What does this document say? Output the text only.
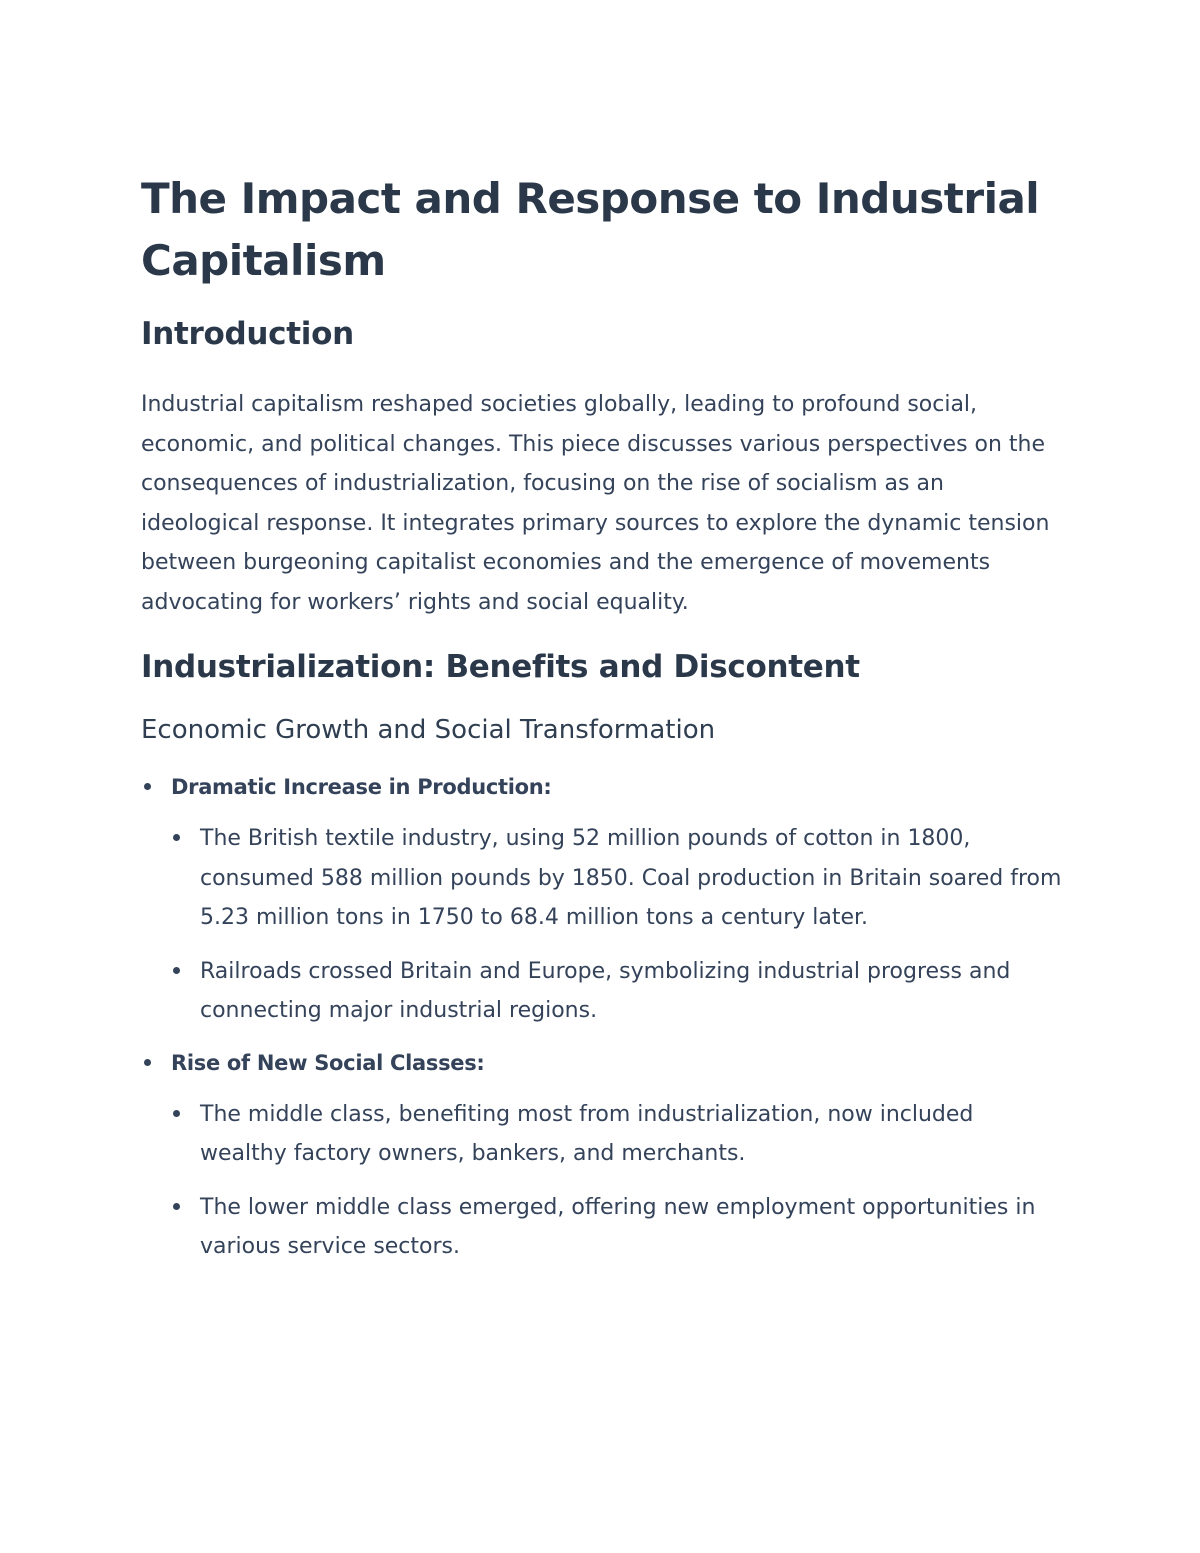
The Impact and Response to Industrial Capitalism
Introduction

Industrial capitalism reshaped societies globally, leading to profound social, economic, and political changes. This piece discusses various perspectives on the consequences of industrialization, focusing on the rise of socialism as an ideological response. It integrates primary sources to explore the dynamic tension between burgeoning capitalist economies and the emergence of movements advocating for workers’ rights and social equality.

Industrialization: Benefits and Discontent
Economic Growth and Social Transformation
Dramatic Increase in Production:
The British textile industry, using 52 million pounds of cotton in 1800, consumed 588 million pounds by 1850. Coal production in Britain soared from 5.23 million tons in 1750 to 68.4 million tons a century later.
Railroads crossed Britain and Europe, symbolizing industrial progress and connecting major industrial regions.
Rise of New Social Classes:
The middle class, benefiting most from industrialization, now included wealthy factory owners, bankers, and merchants.
The lower middle class emerged, offering new employment opportunities in various service sectors.
